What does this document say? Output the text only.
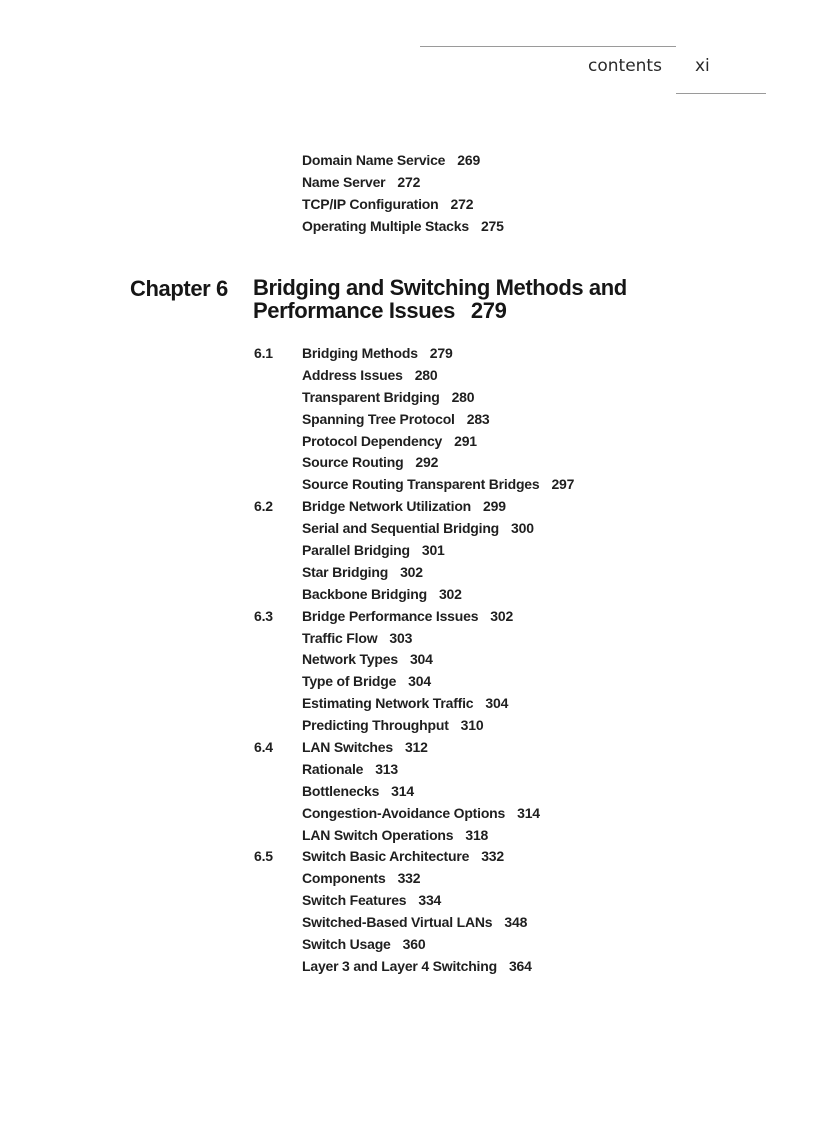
contents xi
Domain Name Service 269
Name Server 272
TCP/IP Configuration 272
Operating Multiple Stacks 275
Chapter 6 Bridging and Switching Methods and Performance Issues 279
6.1 Bridging Methods 279
Address Issues 280
Transparent Bridging 280
Spanning Tree Protocol 283
Protocol Dependency 291
Source Routing 292
Source Routing Transparent Bridges 297
6.2 Bridge Network Utilization 299
Serial and Sequential Bridging 300
Parallel Bridging 301
Star Bridging 302
Backbone Bridging 302
6.3 Bridge Performance Issues 302
Traffic Flow 303
Network Types 304
Type of Bridge 304
Estimating Network Traffic 304
Predicting Throughput 310
6.4 LAN Switches 312
Rationale 313
Bottlenecks 314
Congestion-Avoidance Options 314
LAN Switch Operations 318
6.5 Switch Basic Architecture 332
Components 332
Switch Features 334
Switched-Based Virtual LANs 348
Switch Usage 360
Layer 3 and Layer 4 Switching 364
